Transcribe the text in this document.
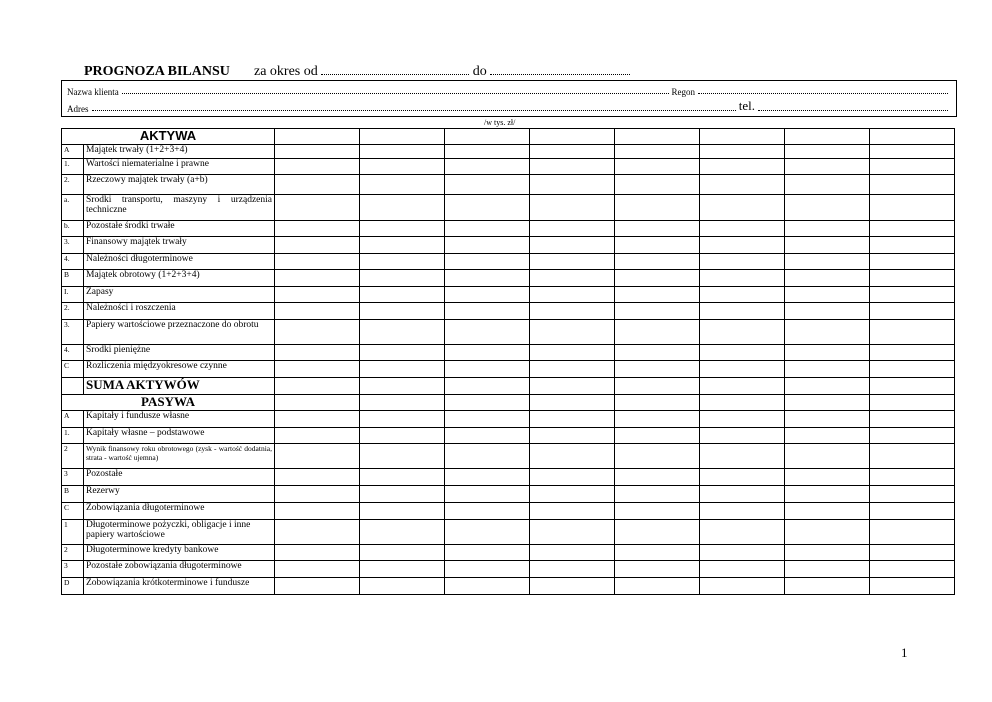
PROGNOZA BILANSU za okres od	do
Nazwa klienta	Regon
Adres	tel.
/w tys. zł/
AKTYWA									
A	Majątek trwały (1+2+3+4)								
1.	Wartości niematerialne i prawne								
2.	Rzeczowy majątek trwały (a+b)								
a.	Środki transportu, maszyny i urządzenia techniczne								
b.	Pozostałe środki trwałe								
3.	Finansowy majątek trwały								
4.	Należności długoterminowe								
B	Majątek obrotowy (1+2+3+4)								
I.	Zapasy								
2.	Należności i roszczenia								
3.	Papiery wartościowe przeznaczone do obrotu								
4.	Środki pieniężne								
C	Rozliczenia międzyokresowe czynne								
	SUMA AKTYWÓW								
PASYWA									
A	Kapitały i fundusze własne								
1.	Kapitały własne – podstawowe								
2	Wynik finansowy roku obrotowego (zysk - wartość dodatnia, strata - wartość ujemna)								
3	Pozostałe								
B	Rezerwy								
C	Zobowiązania długoterminowe								
1	Długoterminowe pożyczki, obligacje i inne papiery wartościowe								
2	Długoterminowe kredyty bankowe								
3	Pozostałe zobowiązania długoterminowe								
D	Zobowiązania krótkoterminowe i fundusze								
1
